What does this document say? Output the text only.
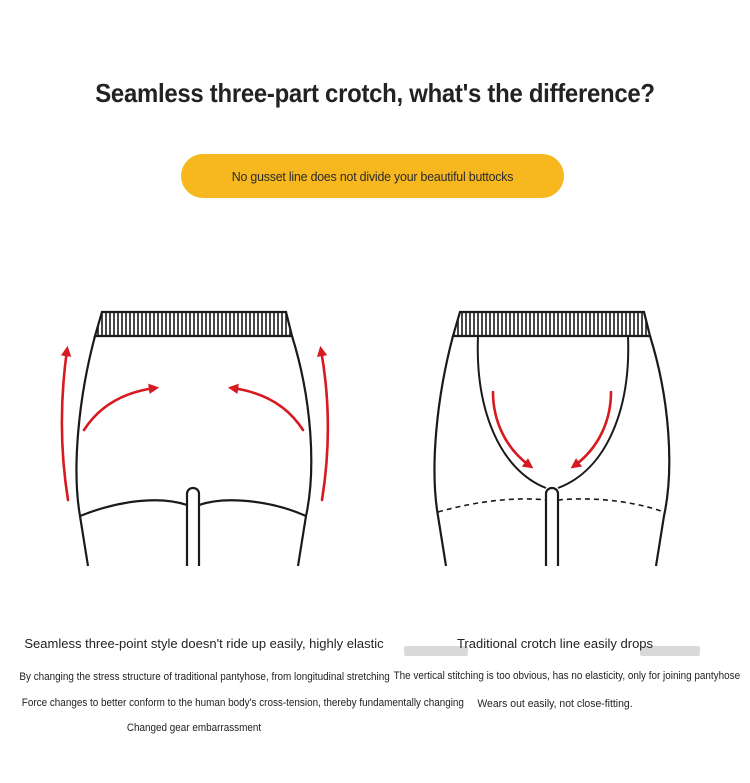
Seamless three-part crotch, what's the difference?
No gusset line does not divide your beautiful buttocks
Seamless three-point style doesn't ride up easily, highly elastic
By changing the stress structure of traditional pantyhose, from longitudinal stretching
Force changes to better conform to the human body's cross-tension, thereby fundamentally changing
Changed gear embarrassment
Traditional crotch line easily drops
The vertical stitching is too obvious, has no elasticity, only for joining pantyhose
Wears out easily, not close-fitting.
